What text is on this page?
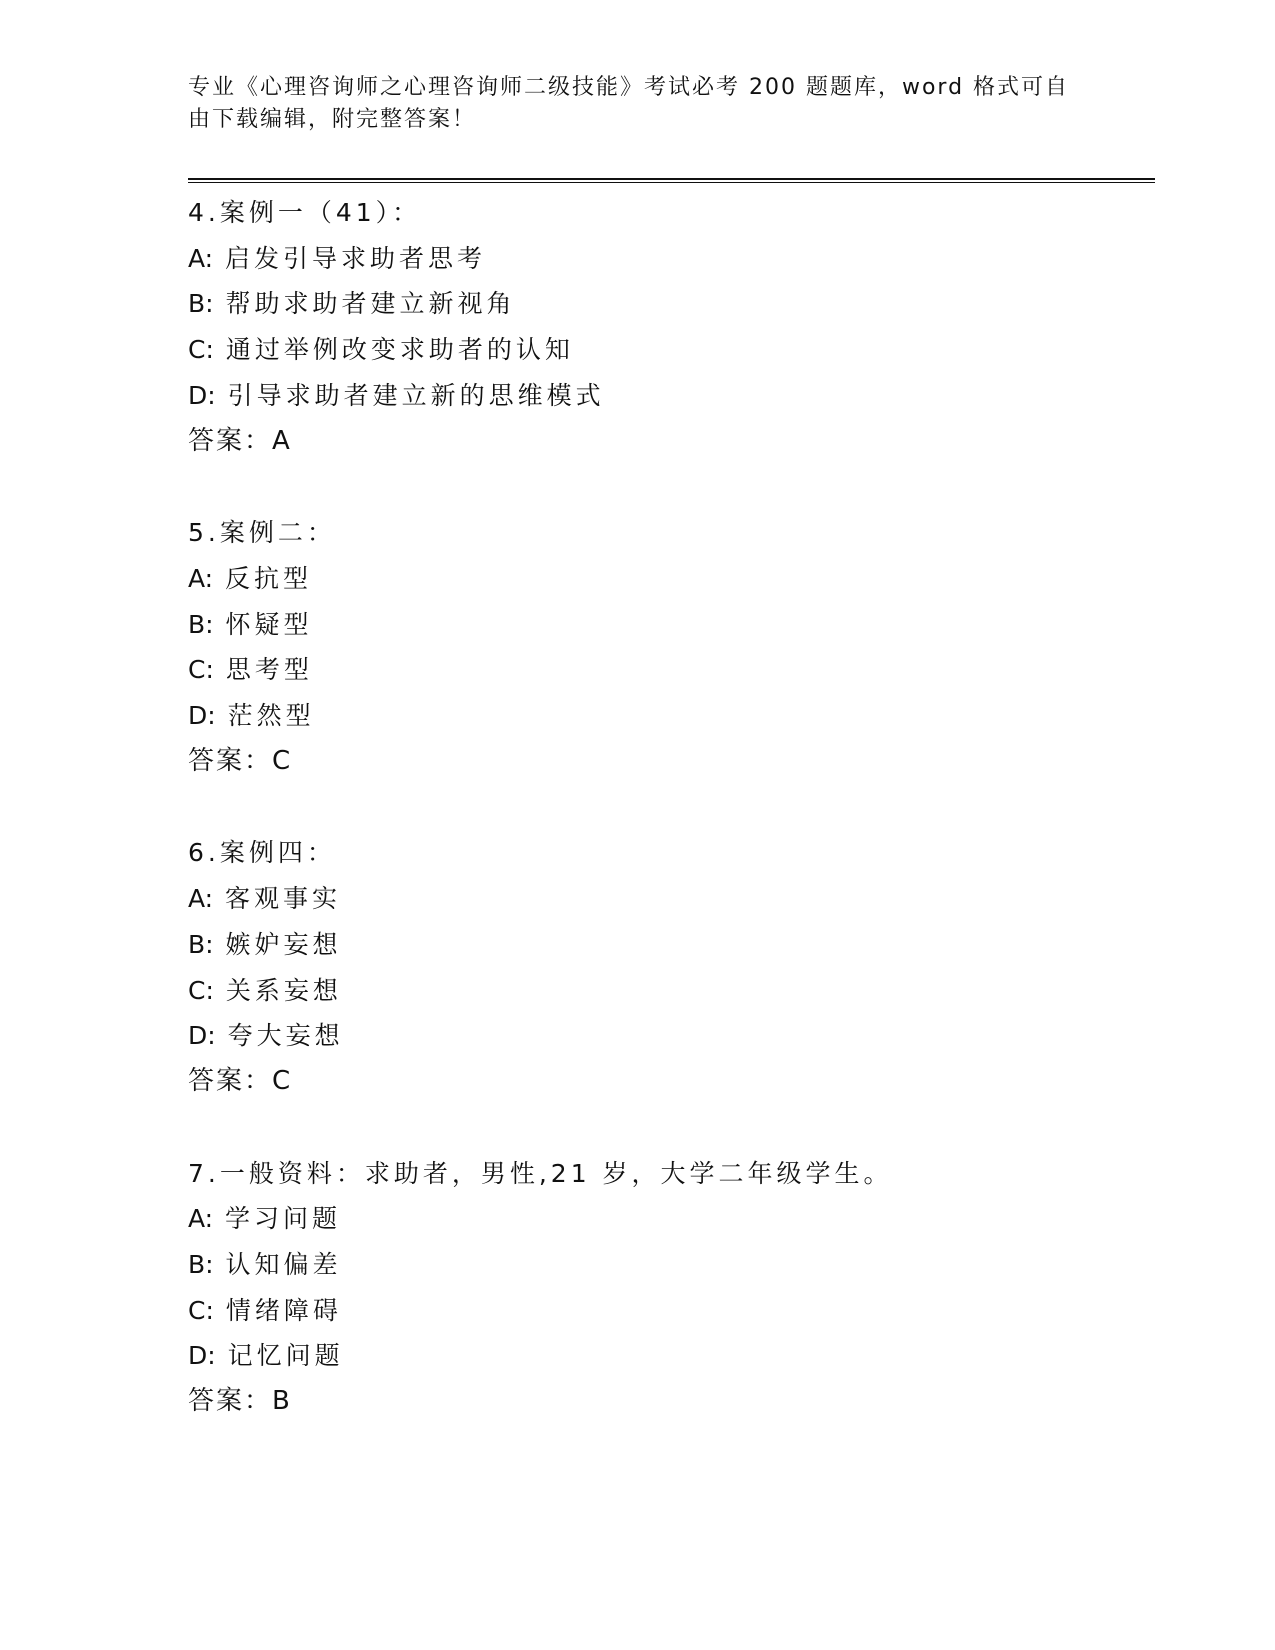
专业《心理咨询师之心理咨询师二级技能》考试必考 200 题题库，word 格式可自
由下载编辑，附完整答案！
4.案例一（41）：
A: 启发引导求助者思考
B: 帮助求助者建立新视角
C: 通过举例改变求助者的认知
D: 引导求助者建立新的思维模式
答案：A
5.案例二：
A: 反抗型
B: 怀疑型
C: 思考型
D: 茫然型
答案：C
6.案例四：
A: 客观事实
B: 嫉妒妄想
C: 关系妄想
D: 夸大妄想
答案：C
7.一般资料：求助者，男性,21 岁，大学二年级学生。
A: 学习问题
B: 认知偏差
C: 情绪障碍
D: 记忆问题
答案：B
